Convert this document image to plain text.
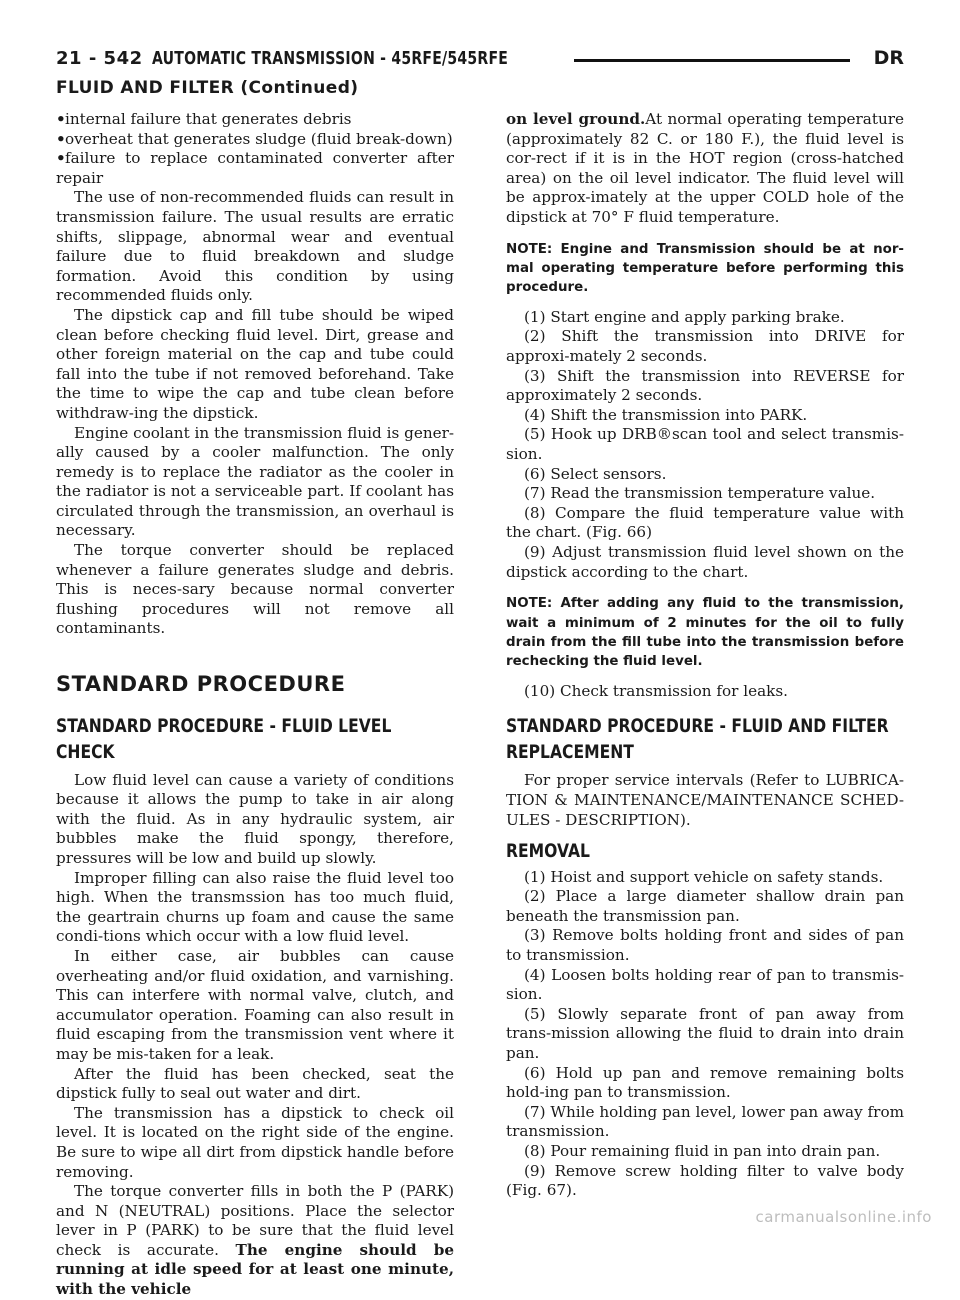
21 - 542 AUTOMATIC TRANSMISSION - 45RFE/545RFE	DR
FLUID AND FILTER (Continued)

•internal failure that generates debris

•overheat that generates sludge (fluid break-down)

•failure to replace contaminated converter after repair

The use of non-recommended fluids can result in transmission failure. The usual results are erratic shifts, slippage, abnormal wear and eventual failure due to fluid breakdown and sludge formation. Avoid this condition by using recommended fluids only.

The dipstick cap and fill tube should be wiped clean before checking fluid level. Dirt, grease and other foreign material on the cap and tube could fall into the tube if not removed beforehand. Take the time to wipe the cap and tube clean before withdraw-ing the dipstick.

Engine coolant in the transmission fluid is gener-ally caused by a cooler malfunction. The only remedy is to replace the radiator as the cooler in the radiator is not a serviceable part. If coolant has circulated through the transmission, an overhaul is necessary.

The torque converter should be replaced whenever a failure generates sludge and debris. This is neces-sary because normal converter flushing procedures will not remove all contaminants.

STANDARD PROCEDURE
STANDARD PROCEDURE - FLUID LEVEL CHECK

Low fluid level can cause a variety of conditions because it allows the pump to take in air along with the fluid. As in any hydraulic system, air bubbles make the fluid spongy, therefore, pressures will be low and build up slowly.

Improper filling can also raise the fluid level too high. When the transmssion has too much fluid, the geartrain churns up foam and cause the same condi-tions which occur with a low fluid level.

In either case, air bubbles can cause overheating and/or fluid oxidation, and varnishing. This can interfere with normal valve, clutch, and accumulator operation. Foaming can also result in fluid escaping from the transmission vent where it may be mis-taken for a leak.

After the fluid has been checked, seat the dipstick fully to seal out water and dirt.

The transmission has a dipstick to check oil level. It is located on the right side of the engine. Be sure to wipe all dirt from dipstick handle before removing.

The torque converter fills in both the P (PARK) and N (NEUTRAL) positions. Place the selector lever in P (PARK) to be sure that the fluid level check is accurate. The engine should be running at idle speed for at least one minute, with the vehicle

on level ground.At normal operating temperature (approximately 82 C. or 180 F.), the fluid level is cor-rect if it is in the HOT region (cross-hatched area) on the oil level indicator. The fluid level will be approx-imately at the upper COLD hole of the dipstick at 70° F fluid temperature.

NOTE: Engine and Transmission should be at nor-mal operating temperature before performing this procedure.

(1) Start engine and apply parking brake.

(2) Shift the transmission into DRIVE for approxi-mately 2 seconds.

(3) Shift the transmission into REVERSE for approximately 2 seconds.

(4) Shift the transmission into PARK.

(5) Hook up DRB®scan tool and select transmis-sion.

(6) Select sensors.

(7) Read the transmission temperature value.

(8) Compare the fluid temperature value with the chart. (Fig. 66)

(9) Adjust transmission fluid level shown on the dipstick according to the chart.

NOTE: After adding any fluid to the transmission, wait a minimum of 2 minutes for the oil to fully drain from the fill tube into the transmission before rechecking the fluid level.

(10) Check transmission for leaks.

STANDARD PROCEDURE - FLUID AND FILTER REPLACEMENT

For proper service intervals (Refer to LUBRICA-TION & MAINTENANCE/MAINTENANCE SCHED-ULES - DESCRIPTION).

REMOVAL

(1) Hoist and support vehicle on safety stands.

(2) Place a large diameter shallow drain pan beneath the transmission pan.

(3) Remove bolts holding front and sides of pan to transmission.

(4) Loosen bolts holding rear of pan to transmis-sion.

(5) Slowly separate front of pan away from trans-mission allowing the fluid to drain into drain pan.

(6) Hold up pan and remove remaining bolts hold-ing pan to transmission.

(7) While holding pan level, lower pan away from transmission.

(8) Pour remaining fluid in pan into drain pan.

(9) Remove screw holding filter to valve body (Fig. 67).

carmanualsonline.info
